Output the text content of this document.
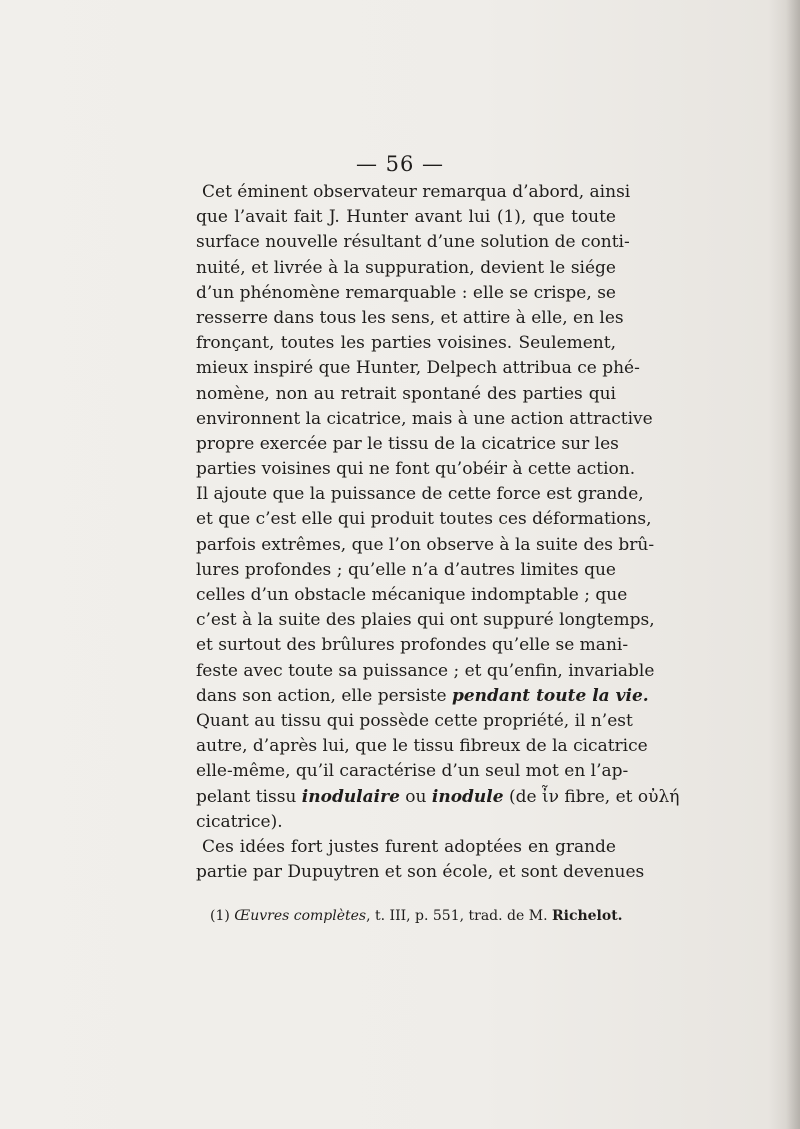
— 56 —
Cet éminent observateur remarqua d’abord, ainsi
que l’avait fait J. Hunter avant lui (1), que toute
surface nouvelle résultant d’une solution de conti-
nuité, et livrée à la suppuration, devient le siége
d’un phénomène remarquable : elle se crispe, se
resserre dans tous les sens, et attire à elle, en les
fronçant, toutes les parties voisines. Seulement,
mieux inspiré que Hunter, Delpech attribua ce phé-
nomène, non au retrait spontané des parties qui
environnent la cicatrice, mais à une action attractive
propre exercée par le tissu de la cicatrice sur les
parties voisines qui ne font qu’obéir à cette action.
Il ajoute que la puissance de cette force est grande,
et que c’est elle qui produit toutes ces déformations,
parfois extrêmes, que l’on observe à la suite des brû-
lures profondes ; qu’elle n’a d’autres limites que
celles d’un obstacle mécanique indomptable ; que
c’est à la suite des plaies qui ont suppuré longtemps,
et surtout des brûlures profondes qu’elle se mani-
feste avec toute sa puissance ; et qu’enfin, invariable
dans son action, elle persiste pendant toute la vie.
Quant au tissu qui possède cette propriété, il n’est
autre, d’après lui, que le tissu fibreux de la cicatrice
elle-même, qu’il caractérise d’un seul mot en l’ap-
pelant tissu inodulaire ou inodule (de ἶν fibre, et οὐλή
cicatrice).
Ces idées fort justes furent adoptées en grande
partie par Dupuytren et son école, et sont devenues
(1) Œuvres complètes, t. III, p. 551, trad. de M. Richelot.
